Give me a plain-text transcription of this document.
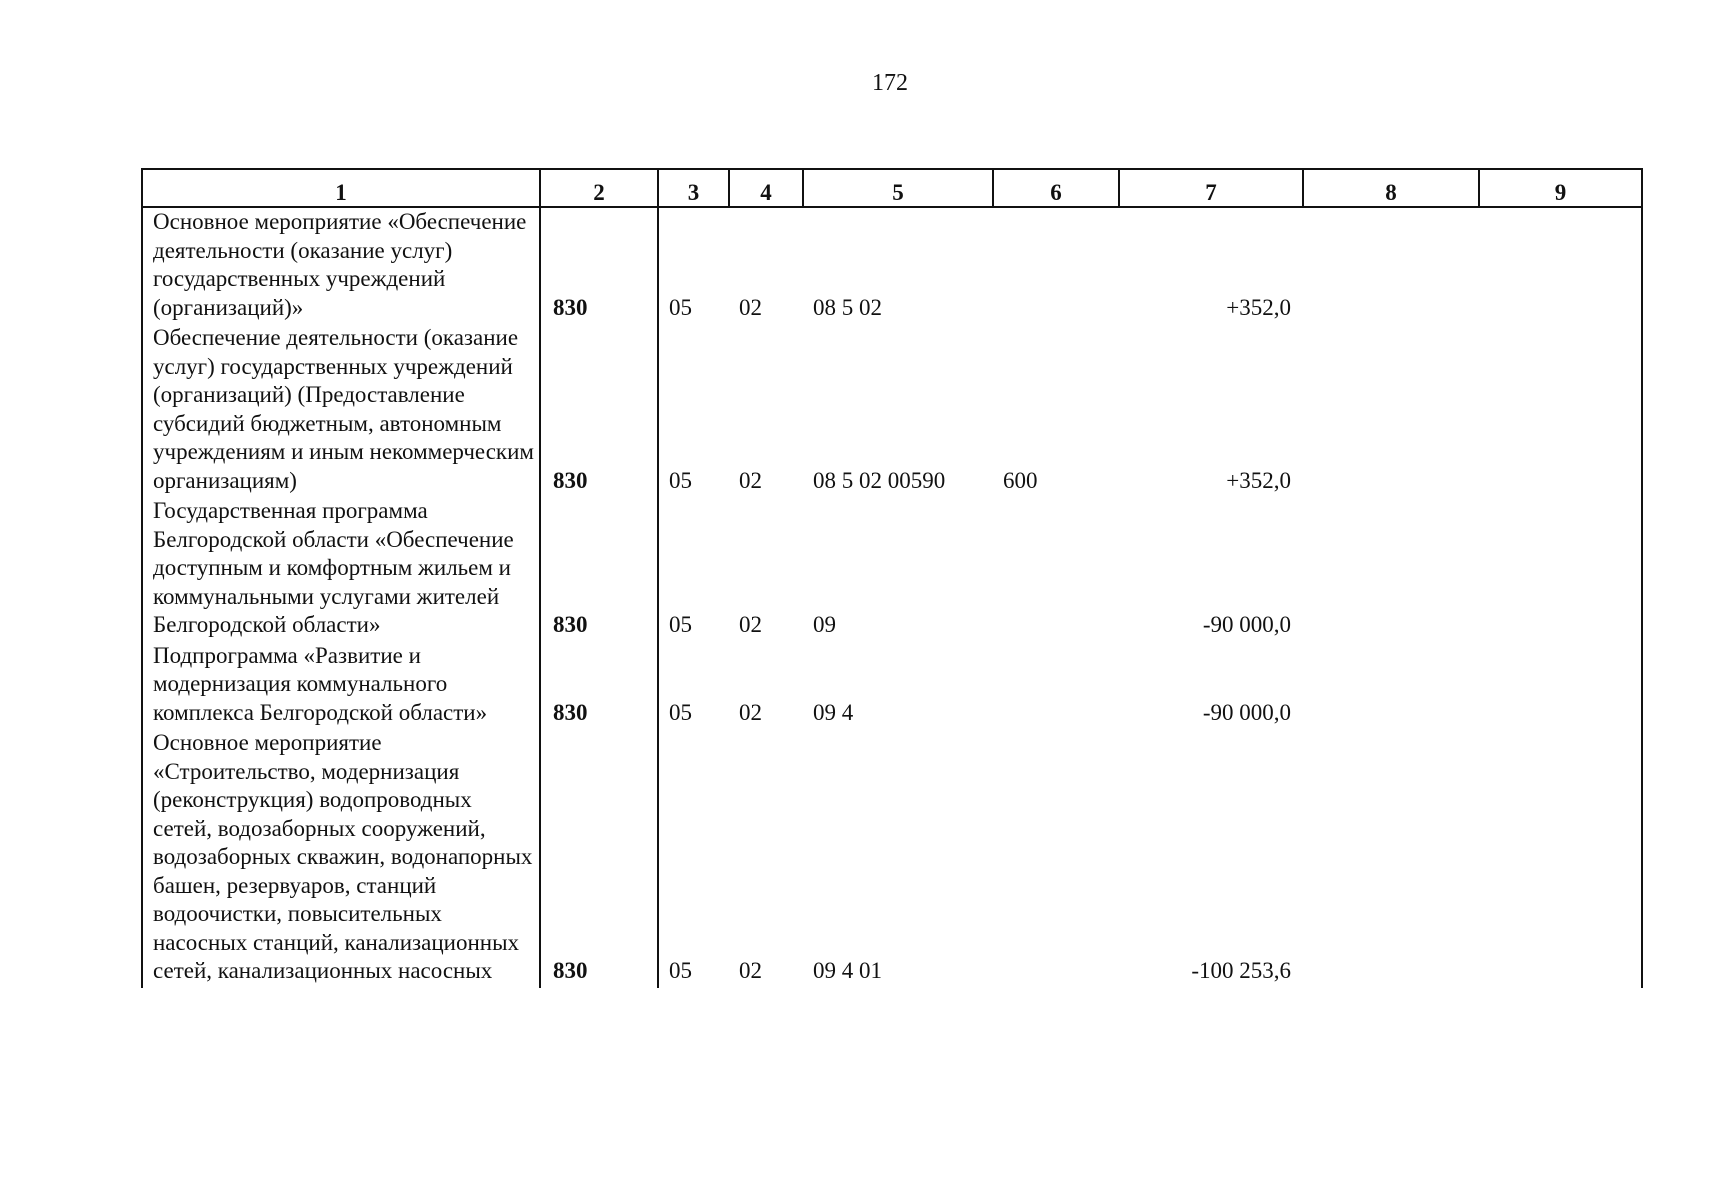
172
1	2	3	4	5	6	7	8	9
Основное мероприятие «Обеспечение деятельности (оказание услуг) государственных учреждений (организаций)»	830	05	02	08 5 02		+352,0		
Обеспечение деятельности (оказание услуг) государственных учреждений (организаций) (Предоставление субсидий бюджетным, автономным учреждениям и иным некоммерческим организациям)	830	05	02	08 5 02 00590	600	+352,0		
Государственная программа Белгородской области «Обеспечение доступным и комфортным жильем и коммунальными услугами жителей Белгородской области»	830	05	02	09		-90 000,0		
Подпрограмма «Развитие и модернизация коммунального комплекса Белгородской области»	830	05	02	09 4		-90 000,0		
Основное мероприятие «Строительство, модернизация (реконструкция) водопроводных сетей, водозаборных сооружений, водозаборных скважин, водонапорных башен, резервуаров, станций водоочистки, повысительных насосных станций, канализационных сетей, канализационных насосных	830	05	02	09 4 01		-100 253,6		
